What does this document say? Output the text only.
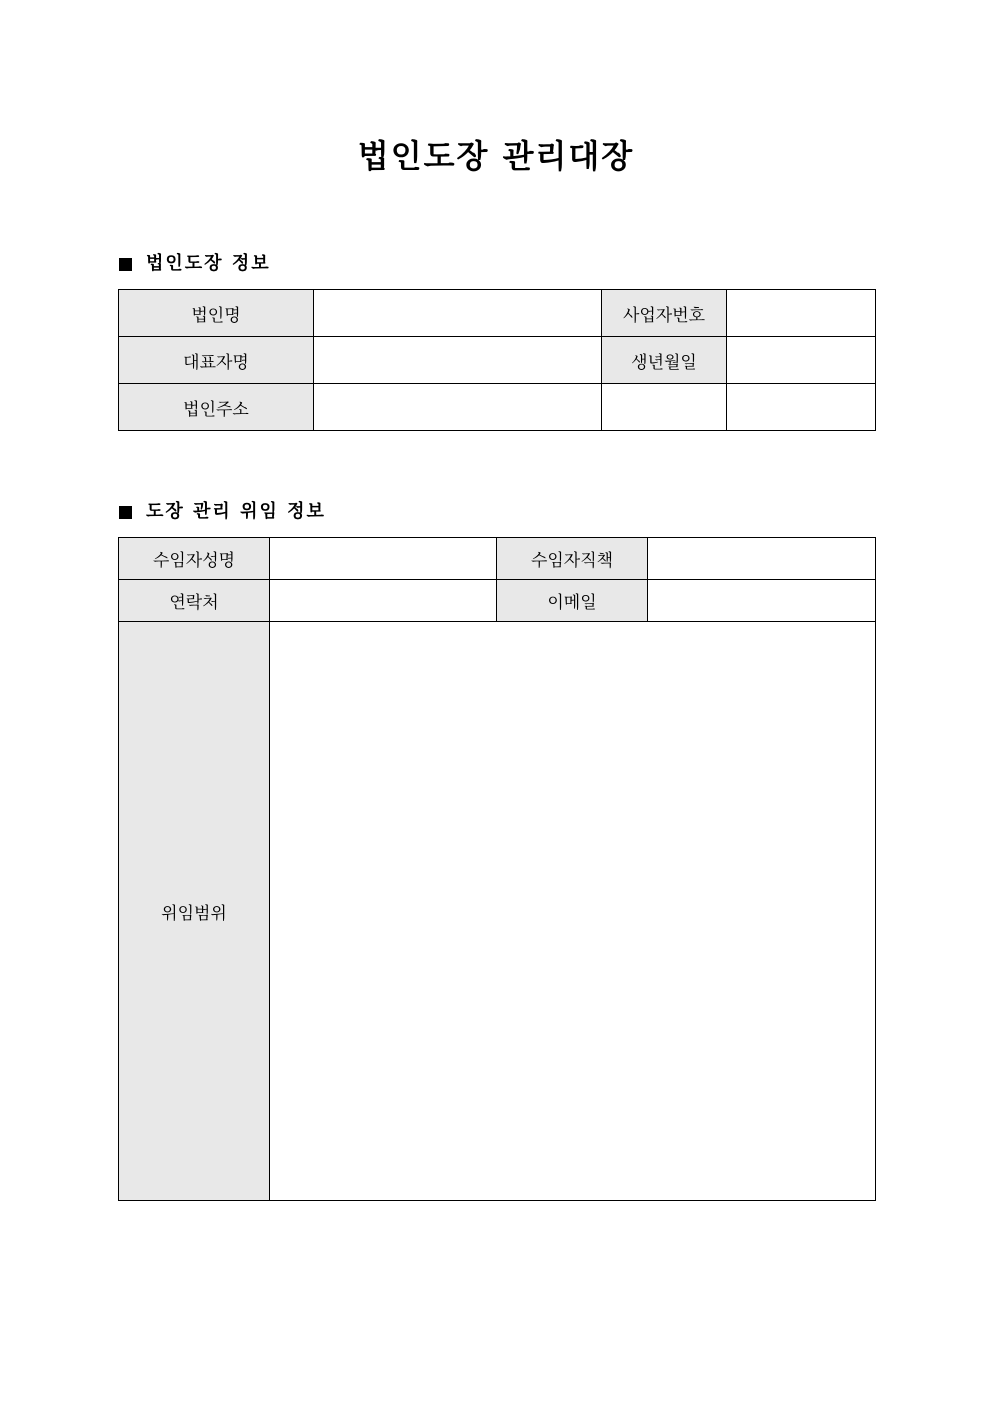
법인도장 관리대장
법인도장 정보
법인명		사업자번호	
대표자명		생년월일	
법인주소			
도장 관리 위임 정보
수임자성명		수임자직책	
연락처		이메일	
위임범위			
